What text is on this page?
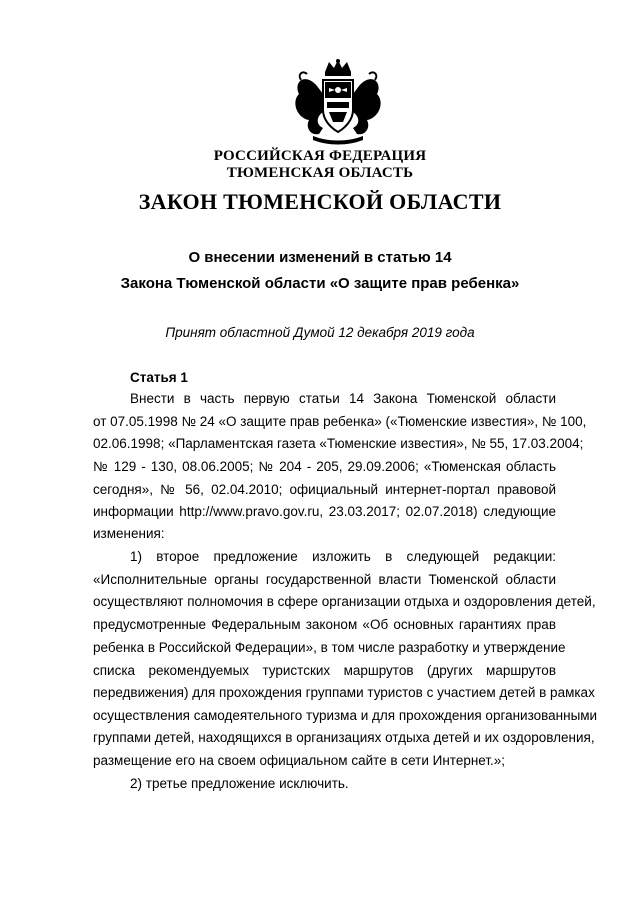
РОССИЙСКАЯ ФЕДЕРАЦИЯ
ТЮМЕНСКАЯ ОБЛАСТЬ
ЗАКОН ТЮМЕНСКОЙ ОБЛАСТИ
О внесении изменений в статью 14
Закона Тюменской области «О защите прав ребенка»
Принят областной Думой 12 декабря 2019 года
Статья 1
Внести в часть первую статьи 14 Закона Тюменской области
от 07.05.1998 № 24 «О защите прав ребенка» («Тюменские известия», № 100,
02.06.1998; «Парламентская газета «Тюменские известия», № 55, 17.03.2004;
№ 129 - 130, 08.06.2005; № 204 - 205, 29.09.2006; «Тюменская область
сегодня», № 56, 02.04.2010; официальный интернет-портал правовой
информации http://www.pravo.gov.ru, 23.03.2017; 02.07.2018) следующие
изменения:
1) второе предложение изложить в следующей редакции:
«Исполнительные органы государственной власти Тюменской области
осуществляют полномочия в сфере организации отдыха и оздоровления детей,
предусмотренные Федеральным законом «Об основных гарантиях прав
ребенка в Российской Федерации», в том числе разработку и утверждение
списка рекомендуемых туристских маршрутов (других маршрутов
передвижения) для прохождения группами туристов с участием детей в рамках
осуществления самодеятельного туризма и для прохождения организованными
группами детей, находящихся в организациях отдыха детей и их оздоровления,
размещение его на своем официальном сайте в сети Интернет.»;
2) третье предложение исключить.
